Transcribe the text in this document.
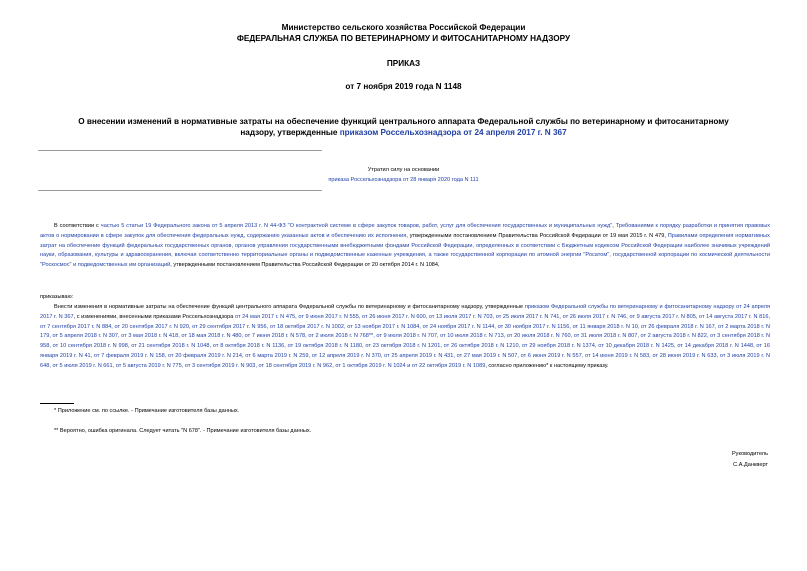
Министерство сельского хозяйства Российской Федерации
ФЕДЕРАЛЬНАЯ СЛУЖБА ПО ВЕТЕРИНАРНОМУ И ФИТОСАНИТАРНОМУ НАДЗОРУ
ПРИКАЗ
от 7 ноября 2019 года N 1148
О внесении изменений в нормативные затраты на обеспечение функций центрального аппарата Федеральной службы по ветеринарному и фитосанитарному надзору, утвержденные приказом Россельхознадзора от 24 апреля 2017 г. N 367
Утратил силу на основании
приказа Россельхознадзора от 28 января 2020 года N 111
В соответствии с частью 5 статьи 19 Федерального закона от 5 апреля 2013 г. N 44-ФЗ "О контрактной системе в сфере закупок товаров, работ, услуг для обеспечения государственных и муниципальных нужд", Требованиями к порядку разработки и принятия правовых актов о нормировании в сфере закупок для обеспечения федеральных нужд, содержанию указанных актов и обеспечению их исполнения, утвержденными постановлением Правительства Российской Федерации от 19 мая 2015 г. N 479, Правилами определения нормативных затрат на обеспечение функций федеральных государственных органов, органов управления государственными внебюджетными фондами Российской Федерации, определенных в соответствии с Бюджетным кодексом Российской Федерации наиболее значимых учреждений науки, образования, культуры и здравоохранения, включая соответственно территориальные органы и подведомственные казенные учреждения, а также государственной корпорации по атомной энергии "Росатом", государственной корпорации по космической деятельности "Роскосмос" и подведомственных им организаций, утвержденными постановлением Правительства Российской Федерации от 20 октября 2014 г. N 1084,
приказываю:
Внести изменения в нормативные затраты на обеспечение функций центрального аппарата Федеральной службы по ветеринарному и фитосанитарному надзору, утвержденные приказом Федеральной службы по ветеринарному и фитосанитарному надзору от 24 апреля 2017 г. N 367, с изменениями, внесенными приказами Россельхознадзора от 24 мая 2017 г. N 475, от 9 июня 2017 г. N 555, от 26 июня 2017 г. N 600, от 13 июля 2017 г. N 703, от 25 июля 2017 г. N 741, от 26 июля 2017 г. N 746, от 9 августа 2017 г. N 805, от 14 августа 2017 г. N 816, от 7 сентября 2017 г. N 884, от 20 сентября 2017 г. N 920, от 29 сентября 2017 г. N 956, от 18 октября 2017 г. N 1002, от 13 ноября 2017 г. N 1084, от 24 ноября 2017 г. N 1144, от 30 ноября 2017 г. N 1156, от 11 января 2018 г. N 10, от 26 февраля 2018 г. N 167, от 2 марта 2018 г. N 179, от 5 апреля 2018 г. N 307, от 3 мая 2018 г. N 418, от 18 мая 2018 г. N 480, от 7 июня 2018 г. N 578, от 2 июля 2018 г. N 768**, от 9 июля 2018 г. N 707, от 10 июля 2018 г. N 713, от 20 июля 2018 г. N 760, от 31 июля 2018 г. N 807, от 2 августа 2018 г. N 822, от 3 сентября 2018 г. N 958, от 10 сентября 2018 г. N 998, от 21 сентября 2018 г. N 1048, от 8 октября 2018 г. N 1136, от 19 октября 2018 г. N 1180, от 23 октября 2018 г. N 1201, от 26 октября 2018 г. N 1210, от 29 ноября 2018 г. N 1374, от 10 декабря 2018 г. N 1425, от 14 декабря 2018 г. N 1448, от 16 января 2019 г. N 41, от 7 февраля 2019 г. N 158, от 20 февраля 2019 г. N 214, от 6 марта 2019 г. N 259, от 12 апреля 2019 г. N 370, от 25 апреля 2019 г. N 431, от 27 мая 2019 г. N 507, от 6 июня 2019 г. N 557, от 14 июня 2019 г. N 583, от 28 июня 2019 г. N 633, от 3 июля 2019 г. N 648, от 5 июля 2019 г. N 661, от 5 августа 2019 г. N 775, от 3 сентября 2019 г. N 903, от 18 сентября 2019 г. N 962, от 1 октября 2019 г. N 1024 и от 22 октября 2019 г. N 1089, согласно приложению* к настоящему приказу.
* Приложение см. по ссылке. - Примечание изготовителя базы данных.
** Вероятно, ошибка оригинала. Следует читать "N 678". - Примечание изготовителя базы данных.
Руководитель
С.А.Данкверт
